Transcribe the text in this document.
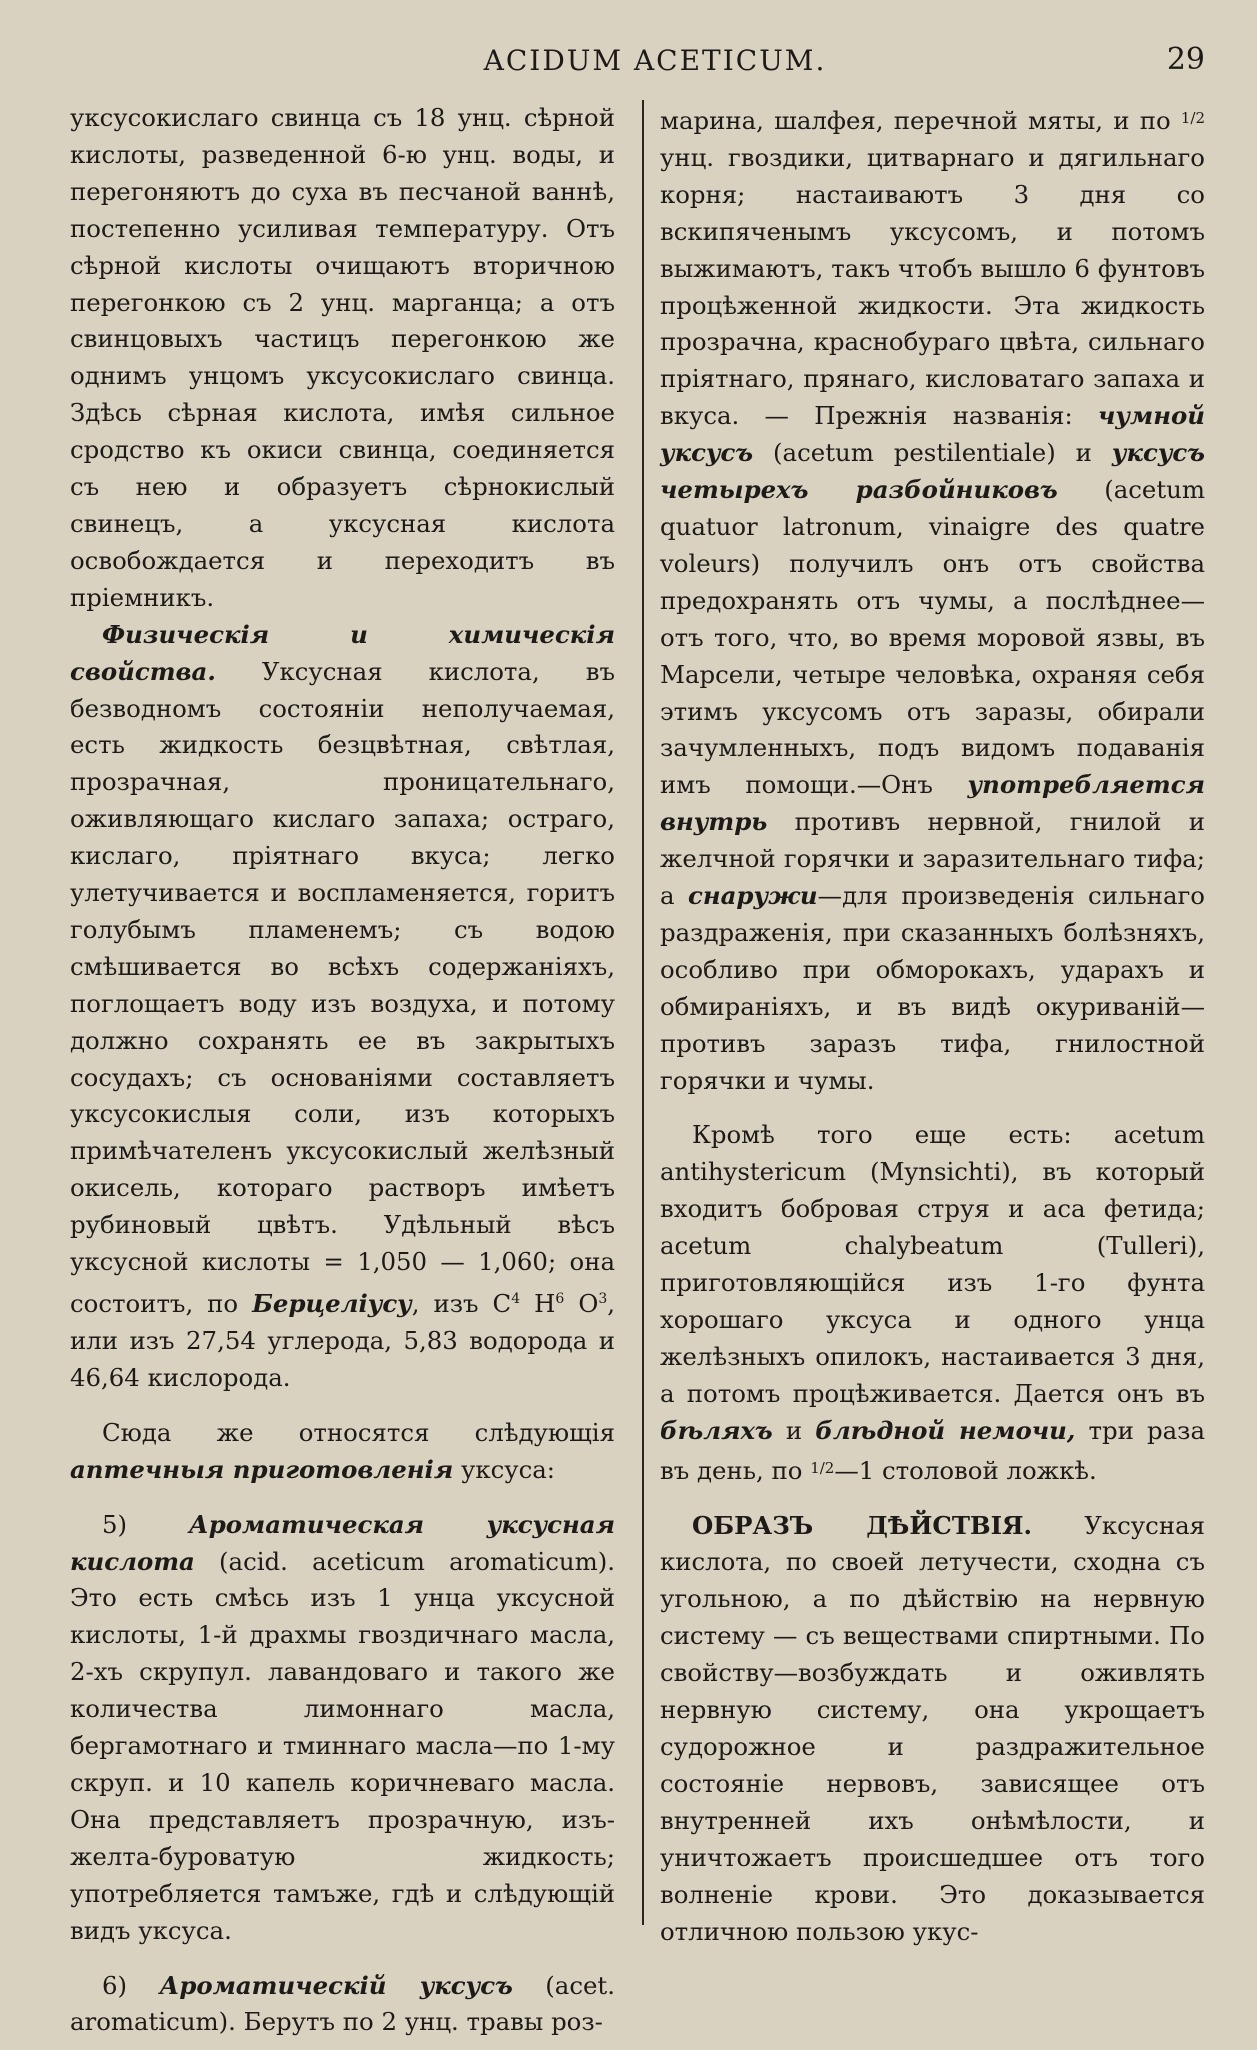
ACIDUM ACETICUM.	29

уксусокислаго свинца съ 18 унц. сѣрной кислоты, разведенной 6-ю унц. воды, и перегоняютъ до суха въ песчаной ваннѣ, постепенно усиливая температуру. Отъ сѣрной кислоты очищаютъ вторичною перегонкою съ 2 унц. марганца; а отъ свинцовыхъ частицъ перегонкою же однимъ унцомъ уксусокислаго свинца. Здѣсь сѣрная кислота, имѣя сильное сродство къ окиси свинца, соединяется съ нею и образуетъ сѣрнокислый свинецъ, а уксусная кислота освобождается и переходитъ въ пріемникъ.

Физическія и химическія свойства. Уксусная кислота, въ безводномъ состояніи неполучаемая, есть жидкость безцвѣтная, свѣтлая, прозрачная, проницательнаго, оживляющаго кислаго запаха; остраго, кислаго, пріятнаго вкуса; легко улетучивается и воспламеняется, горитъ голубымъ пламенемъ; съ водою смѣшивается во всѣхъ содержаніяхъ, поглощаетъ воду изъ воздуха, и потому должно сохранять ее въ закрытыхъ сосудахъ; съ основаніями составляетъ уксусокислыя соли, изъ которыхъ примѣчателенъ уксусокислый желѣзный окисель, котораго растворъ имѣетъ рубиновый цвѣтъ. Удѣльный вѣсъ уксусной кислоты = 1,050 — 1,060; она состоитъ, по Берцеліусу, изъ $C^4$ $H^6$ $O^3$, или изъ 27,54 углерода, 5,83 водорода и 46,64 кислорода.

Сюда же относятся слѣдующія аптечныя приготовленія уксуса:

5)	Ароматическая уксусная кислота (acid. aceticum aromaticum). Это есть смѣсь изъ 1 унца уксусной кислоты, 1-й драхмы гвоздичнаго масла, 2-хъ скрупул. лавандоваго и такого же количества лимоннаго масла, бергамотнаго и тминнаго масла—по 1-му скруп. и 10 капель коричневаго масла. Она представляетъ прозрачную, изъ-желта-буроватую жидкость; употребляется тамъже, гдѣ и слѣдующій видъ уксуса.

6) Ароматическій уксусъ (acet. aromaticum). Берутъ по 2 унц. травы роз-

марина, шалфея, перечной мяты, и по $^{1/2}$ унц. гвоздики, цитварнаго и дягильнаго корня; настаиваютъ 3 дня со вскипяченымъ уксусомъ, и потомъ выжимаютъ, такъ чтобъ вышло 6 фунтовъ процѣженной жидкости. Эта жидкость прозрачна, краснобураго цвѣта, сильнаго пріятнаго, прянаго, кисловатаго запаха и вкуса. — Прежнія названія: чумной уксусъ (acetum pestilentiale) и уксусъ четырехъ разбойниковъ (acetum quatuor latronum, vinaigre des quatre voleurs) получилъ онъ отъ свойства предохранять отъ чумы, а послѣднее—отъ того, что, во время моровой язвы, въ Марсели, четыре человѣка, охраняя себя этимъ уксусомъ отъ заразы, обирали зачумленныхъ, подъ видомъ подаванія имъ помощи.—Онъ употребляется внутрь противъ нервной, гнилой и желчной горячки и заразительнаго тифа; а снаружи—для произведенія сильнаго раздраженія, при сказанныхъ болѣзняхъ, особливо при обморокахъ, ударахъ и обмираніяхъ, и въ видѣ окуриваній—противъ заразъ тифа, гнилостной горячки и чумы.

Кромѣ того еще есть: acetum antihystericum (Mynsichti), въ который входитъ бобровая струя и аса фетида; acetum chalybeatum (Tulleri), приготовляющійся изъ 1-го фунта хорошаго уксуса и одного унца желѣзныхъ опилокъ, настаивается 3 дня, а потомъ процѣживается. Дается онъ въ бѣляхъ и блѣдной немочи, три раза въ день, по $^{1/2}$—1 столовой ложкѣ.

ОБРАЗЪ ДѢЙСТВІЯ. Уксусная кислота, по своей летучести, сходна съ угольною, а по дѣйствію на нервную систему — съ веществами спиртными. По свойству—возбуждать и оживлять нервную систему, она укрощаетъ судорожное и раздражительное состояніе нервовъ, зависящее отъ внутренней ихъ онѣмѣлости, и уничтожаетъ происшедшее отъ того волненіе крови. Это доказывается отличною пользою укус-
